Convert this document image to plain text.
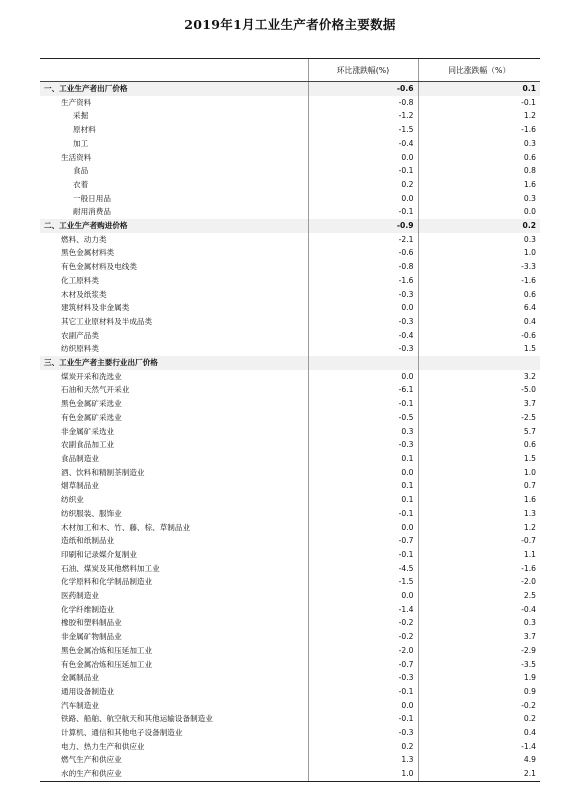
2019年1月工业生产者价格主要数据
	环比涨跌幅(%)	同比涨跌幅（%）
一、工业生产者出厂价格	-0.6	0.1
生产资料	-0.8	-0.1
采掘	-1.2	1.2
原材料	-1.5	-1.6
加工	-0.4	0.3
生活资料	0.0	0.6
食品	-0.1	0.8
衣着	0.2	1.6
一般日用品	0.0	0.3
耐用消费品	-0.1	0.0
二、工业生产者购进价格	-0.9	0.2
燃料、动力类	-2.1	0.3
黑色金属材料类	-0.6	1.0
有色金属材料及电线类	-0.8	-3.3
化工原料类	-1.6	-1.6
木材及纸浆类	-0.3	0.6
建筑材料及非金属类	0.0	6.4
其它工业原材料及半成品类	-0.3	0.4
农副产品类	-0.4	-0.6
纺织原料类	-0.3	1.5
三、工业生产者主要行业出厂价格		
煤炭开采和洗选业	0.0	3.2
石油和天然气开采业	-6.1	-5.0
黑色金属矿采选业	-0.1	3.7
有色金属矿采选业	-0.5	-2.5
非金属矿采选业	0.3	5.7
农副食品加工业	-0.3	0.6
食品制造业	0.1	1.5
酒、饮料和精制茶制造业	0.0	1.0
烟草制品业	0.1	0.7
纺织业	0.1	1.6
纺织服装、服饰业	-0.1	1.3
木材加工和木、竹、藤、棕、草制品业	0.0	1.2
造纸和纸制品业	-0.7	-0.7
印刷和记录媒介复制业	-0.1	1.1
石油、煤炭及其他燃料加工业	-4.5	-1.6
化学原料和化学制品制造业	-1.5	-2.0
医药制造业	0.0	2.5
化学纤维制造业	-1.4	-0.4
橡胶和塑料制品业	-0.2	0.3
非金属矿物制品业	-0.2	3.7
黑色金属冶炼和压延加工业	-2.0	-2.9
有色金属冶炼和压延加工业	-0.7	-3.5
金属制品业	-0.3	1.9
通用设备制造业	-0.1	0.9
汽车制造业	0.0	-0.2
铁路、船舶、航空航天和其他运输设备制造业	-0.1	0.2
计算机、通信和其他电子设备制造业	-0.3	0.4
电力、热力生产和供应业	0.2	-1.4
燃气生产和供应业	1.3	4.9
水的生产和供应业	1.0	2.1
